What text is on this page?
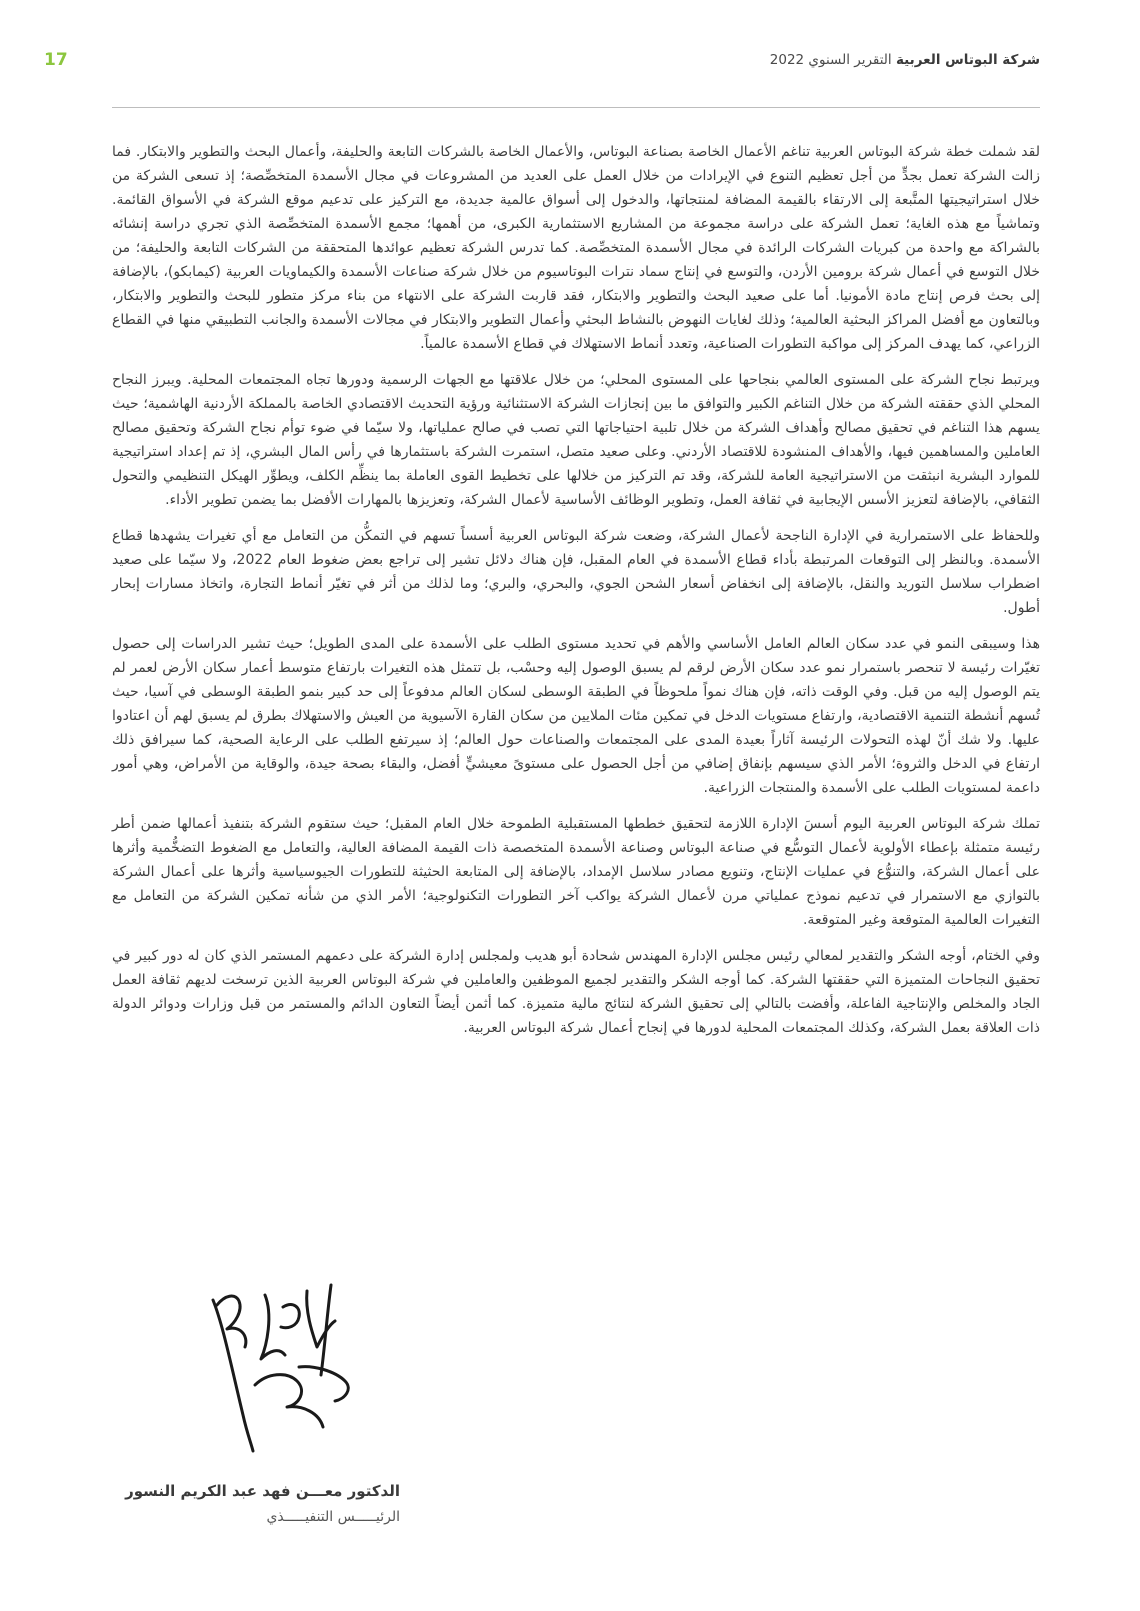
17	شركة البوتاس العربية التقرير السنوي 2022

لقد شملت خطة شركة البوتاس العربية تناغم الأعمال الخاصة بصناعة البوتاس، والأعمال الخاصة بالشركات التابعة والحليفة، وأعمال البحث والتطوير والابتكار. فما زالت الشركة تعمل بجدٍّ من أجل تعظيم التنوع في الإيرادات من خلال العمل على العديد من المشروعات في مجال الأسمدة المتخصِّصة؛ إذ تسعى الشركة من خلال استراتيجيتها المتَّبعة إلى الارتقاء بالقيمة المضافة لمنتجاتها، والدخول إلى أسواق عالمية جديدة، مع التركيز على تدعيم موقع الشركة في الأسواق القائمة. وتماشياً مع هذه الغاية؛ تعمل الشركة على دراسة مجموعة من المشاريع الاستثمارية الكبرى، من أهمها؛ مجمع الأسمدة المتخصِّصة الذي تجري دراسة إنشائه بالشراكة مع واحدة من كبريات الشركات الرائدة في مجال الأسمدة المتخصِّصة. كما تدرس الشركة تعظيم عوائدها المتحققة من الشركات التابعة والحليفة؛ من خلال التوسع في أعمال شركة برومين الأردن، والتوسع في إنتاج سماد نترات البوتاسيوم من خلال شركة صناعات الأسمدة والكيماويات العربية (كيمابكو)، بالإضافة إلى بحث فرص إنتاج مادة الأمونيا. أما على صعيد البحث والتطوير والابتكار، فقد قاربت الشركة على الانتهاء من بناء مركز متطور للبحث والتطوير والابتكار، وبالتعاون مع أفضل المراكز البحثية العالمية؛ وذلك لغايات النهوض بالنشاط البحثي وأعمال التطوير والابتكار في مجالات الأسمدة والجانب التطبيقي منها في القطاع الزراعي، كما يهدف المركز إلى مواكبة التطورات الصناعية، وتعدد أنماط الاستهلاك في قطاع الأسمدة عالمياً.

ويرتبط نجاح الشركة على المستوى العالمي بنجاحها على المستوى المحلي؛ من خلال علاقتها مع الجهات الرسمية ودورها تجاه المجتمعات المحلية. ويبرز النجاح المحلي الذي حققته الشركة من خلال التناغم الكبير والتوافق ما بين إنجازات الشركة الاستثنائية ورؤية التحديث الاقتصادي الخاصة بالمملكة الأردنية الهاشمية؛ حيث يسهم هذا التناغم في تحقيق مصالح وأهداف الشركة من خلال تلبية احتياجاتها التي تصب في صالح عملياتها، ولا سيّما في ضوء توأم نجاح الشركة وتحقيق مصالح العاملين والمساهمين فيها، والأهداف المنشودة للاقتصاد الأردني. وعلى صعيد متصل، استمرت الشركة باستثمارها في رأس المال البشري، إذ تم إعداد استراتيجية للموارد البشرية انبثقت من الاستراتيجية العامة للشركة، وقد تم التركيز من خلالها على تخطيط القوى العاملة بما ينظِّم الكلف، ويطوِّر الهيكل التنظيمي والتحول الثقافي، بالإضافة لتعزيز الأسس الإيجابية في ثقافة العمل، وتطوير الوظائف الأساسية لأعمال الشركة، وتعزيزها بالمهارات الأفضل بما يضمن تطوير الأداء.

وللحفاظ على الاستمرارية في الإدارة الناجحة لأعمال الشركة، وضعت شركة البوتاس العربية أسساً تسهم في التمكُّن من التعامل مع أي تغيرات يشهدها قطاع الأسمدة. وبالنظر إلى التوقعات المرتبطة بأداء قطاع الأسمدة في العام المقبل، فإن هناك دلائل تشير إلى تراجع بعض ضغوط العام 2022، ولا سيّما على صعيد اضطراب سلاسل التوريد والنقل، بالإضافة إلى انخفاض أسعار الشحن الجوي، والبحري، والبري؛ وما لذلك من أثر في تغيّر أنماط التجارة، واتخاذ مسارات إبحار أطول.

هذا وسيبقى النمو في عدد سكان العالم العامل الأساسي والأهم في تحديد مستوى الطلب على الأسمدة على المدى الطويل؛ حيث تشير الدراسات إلى حصول تغيّرات رئيسة لا تنحصر باستمرار نمو عدد سكان الأرض لرقم لم يسبق الوصول إليه وحسْب، بل تتمثل هذه التغيرات بارتفاع متوسط أعمار سكان الأرض لعمر لم يتم الوصول إليه من قبل. وفي الوقت ذاته، فإن هناك نمواً ملحوظاً في الطبقة الوسطى لسكان العالم مدفوعاً إلى حد كبير بنمو الطبقة الوسطى في آسيا، حيث تُسهم أنشطة التنمية الاقتصادية، وارتفاع مستويات الدخل في تمكين مئات الملايين من سكان القارة الآسيوية من العيش والاستهلاك بطرق لم يسبق لهم أن اعتادوا عليها. ولا شك أنّ لهذه التحولات الرئيسة آثاراً بعيدة المدى على المجتمعات والصناعات حول العالم؛ إذ سيرتفع الطلب على الرعاية الصحية، كما سيرافق ذلك ارتفاع في الدخل والثروة؛ الأمر الذي سيسهم بإنفاق إضافي من أجل الحصول على مستوىً معيشيٍّ أفضل، والبقاء بصحة جيدة، والوقاية من الأمراض، وهي أمور داعمة لمستويات الطلب على الأسمدة والمنتجات الزراعية.

تملك شركة البوتاس العربية اليوم أسسَ الإدارة اللازمة لتحقيق خططها المستقبلية الطموحة خلال العام المقبل؛ حيث ستقوم الشركة بتنفيذ أعمالها ضمن أطر رئيسة متمثلة بإعطاء الأولوية لأعمال التوسُّع في صناعة البوتاس وصناعة الأسمدة المتخصصة ذات القيمة المضافة العالية، والتعامل مع الضغوط التضخُّمية وأثرها على أعمال الشركة، والتنوُّع في عمليات الإنتاج، وتنويع مصادر سلاسل الإمداد، بالإضافة إلى المتابعة الحثيثة للتطورات الجيوسياسية وأثرها على أعمال الشركة بالتوازي مع الاستمرار في تدعيم نموذج عملياتي مرن لأعمال الشركة يواكب آخر التطورات التكنولوجية؛ الأمر الذي من شأنه تمكين الشركة من التعامل مع التغيرات العالمية المتوقعة وغير المتوقعة.

وفي الختام، أوجه الشكر والتقدير لمعالي رئيس مجلس الإدارة المهندس شحادة أبو هديب ولمجلس إدارة الشركة على دعمهم المستمر الذي كان له دور كبير في تحقيق النجاحات المتميزة التي حققتها الشركة. كما أوجه الشكر والتقدير لجميع الموظفين والعاملين في شركة البوتاس العربية الذين ترسخت لديهم ثقافة العمل الجاد والمخلص والإنتاجية الفاعلة، وأفضت بالتالي إلى تحقيق الشركة لنتائج مالية متميزة. كما أثمن أيضاً التعاون الدائم والمستمر من قبل وزارات ودوائر الدولة ذات العلاقة بعمل الشركة، وكذلك المجتمعات المحلية لدورها في إنجاح أعمال شركة البوتاس العربية.

الدكتور معـــن فهد عبد الكريم النسور
الرئيـــــس التنفيـــــذي
